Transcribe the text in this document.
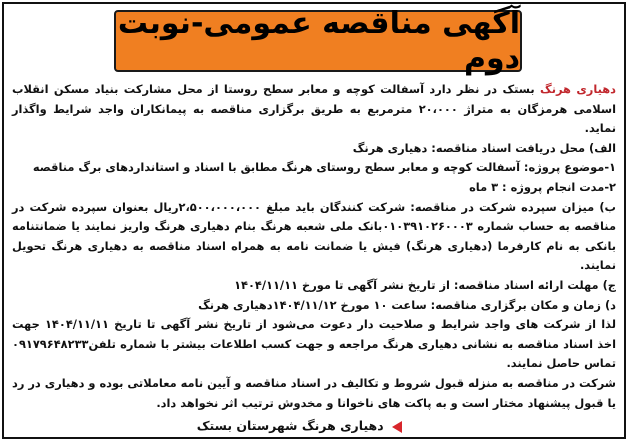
آگهی مناقصه عمومی-نوبت دوم
دهیاری هرنگ بستک در نظر دارد آسفالت کوچه و معابر سطح روستا از محل مشارکت بنیاد مسکن انقلاب اسلامی هرمزگان به متراژ ۲۰،۰۰۰ مترمربع به طریق برگزاری مناقصه به پیمانکاران واجد شرایط واگذار نماید.
الف) محل دریافت اسناد مناقصه: دهیاری هرنگ
۱-موضوع پروژه: آسفالت کوچه و معابر سطح روستای هرنگ مطابق با اسناد و استانداردهای برگ مناقصه
۲-مدت انجام پروژه : ۳ ماه
ب) میزان سپرده شرکت در مناقصه: شرکت کنندگان باید مبلغ ۲،۵۰۰،۰۰۰،۰۰۰ریال بعنوان سپرده شرکت در مناقصه به حساب شماره ۰۱۰۳۹۱۰۲۶۰۰۰۳بانک ملی شعبه هرنگ بنام دهیاری هرنگ واریز نمایند یا ضمانتنامه بانکی به نام کارفرما (دهیاری هرنگ) فیش یا ضمانت نامه به همراه اسناد مناقصه به دهیاری هرنگ تحویل نمایند.
ج) مهلت ارائه اسناد مناقصه: از تاریخ نشر آگهی تا مورخ ۱۴۰۴/۱۱/۱۱
د) زمان و مکان برگزاری مناقصه: ساعت ۱۰ مورخ ۱۴۰۴/۱۱/۱۲دهیاری هرنگ
لذا از شرکت های واجد شرایط و صلاحیت دار دعوت می‌شود از تاریخ نشر آگهی تا تاریخ ۱۴۰۴/۱۱/۱۱ جهت اخذ اسناد مناقصه به نشانی دهیاری هرنگ مراجعه و جهت کسب اطلاعات بیشتر با شماره تلفن۰۹۱۷۹۶۴۸۲۳۳ تماس حاصل نمایند.
شرکت در مناقصه به منزله قبول شروط و تکالیف در اسناد مناقصه و آیین نامه معاملاتی بوده و دهیاری در رد یا قبول پیشنهاد مختار است و به پاکت های ناخوانا و مخدوش ترتیب اثر نخواهد داد.
دهیاری هرنگ شهرستان بستک
